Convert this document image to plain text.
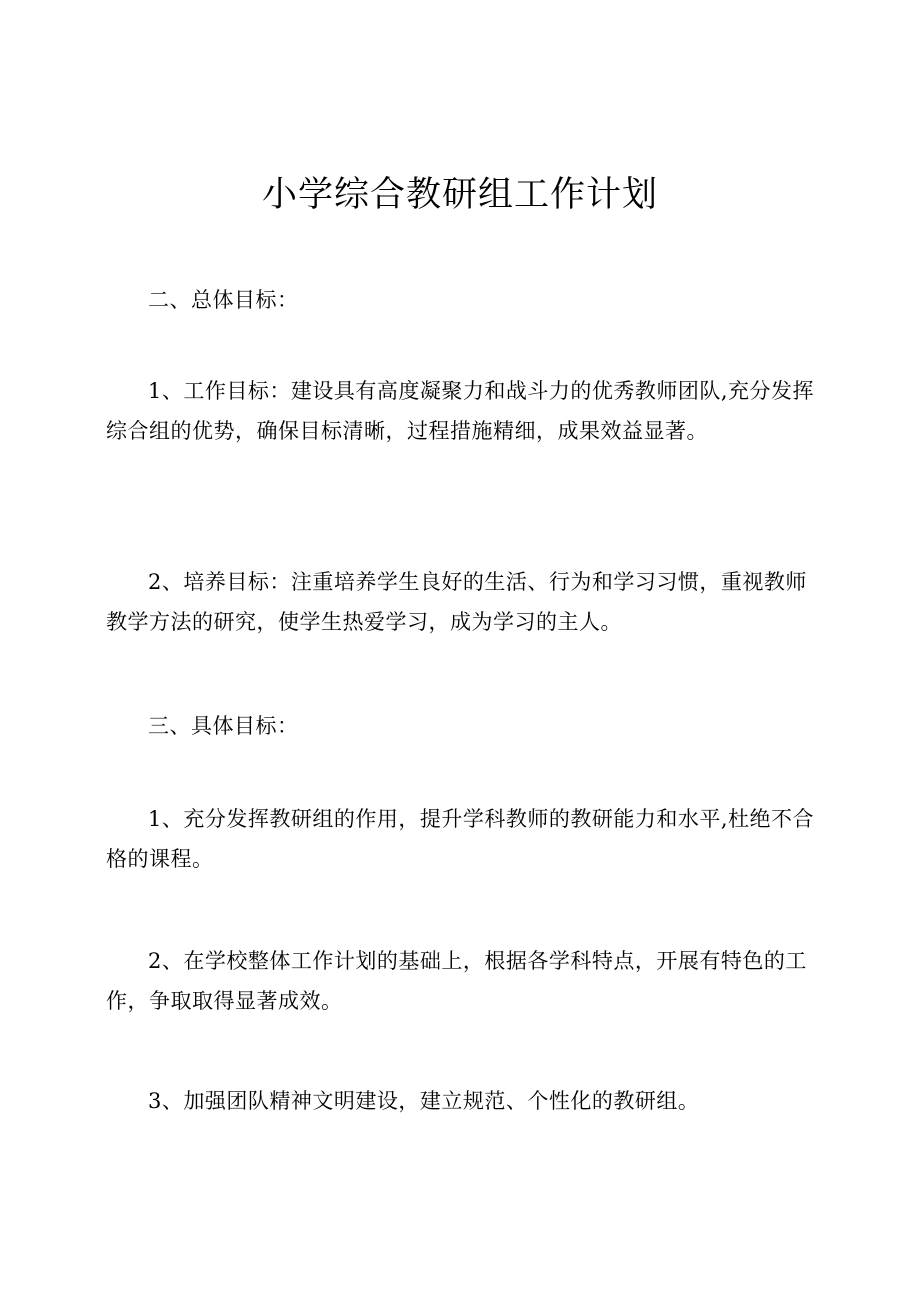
小学综合教研组工作计划
二、总体目标：
1、工作目标：建设具有高度凝聚力和战斗力的优秀教师团队,充分发挥综合组的优势，确保目标清晰，过程措施精细，成果效益显著。
2、培养目标：注重培养学生良好的生活、行为和学习习惯，重视教师教学方法的研究，使学生热爱学习，成为学习的主人。
三、具体目标：
1、充分发挥教研组的作用，提升学科教师的教研能力和水平,杜绝不合格的课程。
2、在学校整体工作计划的基础上，根据各学科特点，开展有特色的工作，争取取得显著成效。
3、加强团队精神文明建设，建立规范、个性化的教研组。
